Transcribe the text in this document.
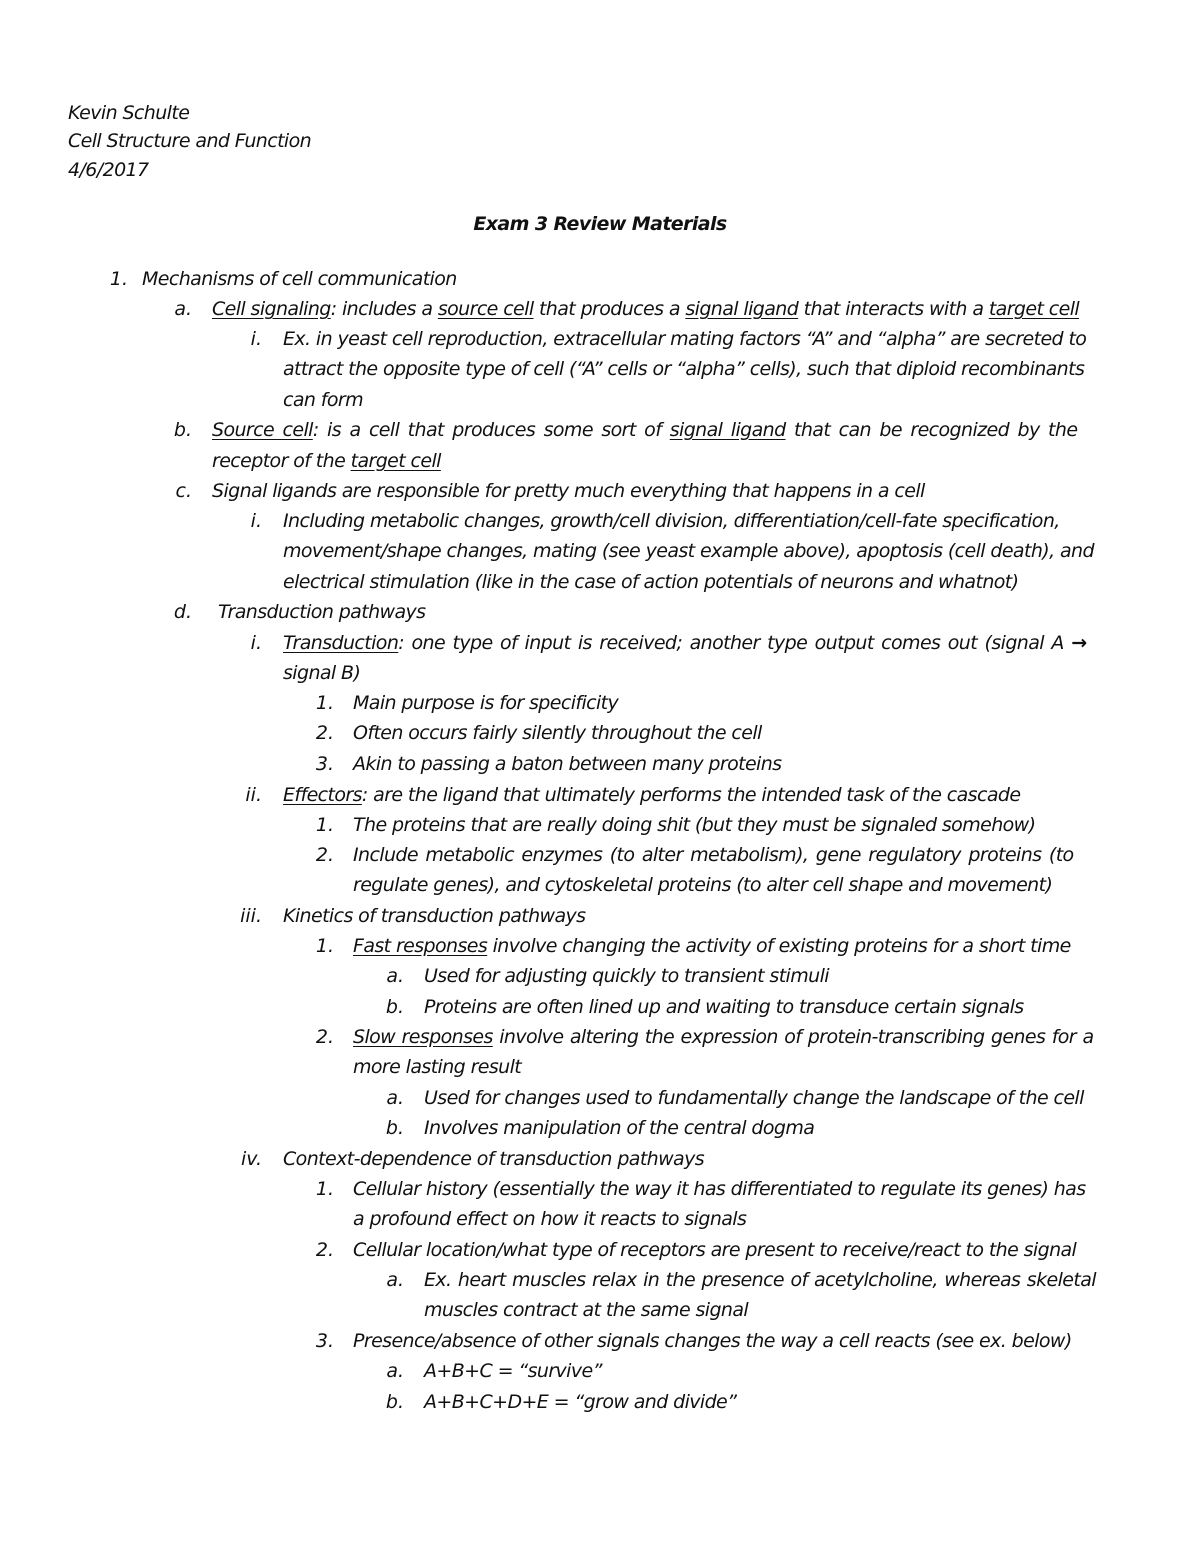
Kevin Schulte
Cell Structure and Function
4/6/2017
Exam 3 Review Materials
1. Mechanisms of cell communication
a. Cell signaling: includes a source cell that produces a signal ligand that interacts with a target cell
i. Ex. in yeast cell reproduction, extracellular mating factors “A” and “alpha” are secreted to
attract the opposite type of cell (“A” cells or “alpha” cells), such that diploid recombinants
can form
b. Source cell: is a cell that produces some sort of signal ligand that can be recognized by the
receptor of the target cell
c. Signal ligands are responsible for pretty much everything that happens in a cell
i. Including metabolic changes, growth/cell division, differentiation/cell-fate specification,
movement/shape changes, mating (see yeast example above), apoptosis (cell death), and
electrical stimulation (like in the case of action potentials of neurons and whatnot)
d. Transduction pathways
i. Transduction: one type of input is received; another type output comes out (signal A →
signal B)
1. Main purpose is for specificity
2. Often occurs fairly silently throughout the cell
3. Akin to passing a baton between many proteins
ii. Effectors: are the ligand that ultimately performs the intended task of the cascade
1. The proteins that are really doing shit (but they must be signaled somehow)
2. Include metabolic enzymes (to alter metabolism), gene regulatory proteins (to
regulate genes), and cytoskeletal proteins (to alter cell shape and movement)
iii. Kinetics of transduction pathways
1. Fast responses involve changing the activity of existing proteins for a short time
a. Used for adjusting quickly to transient stimuli
b. Proteins are often lined up and waiting to transduce certain signals
2. Slow responses involve altering the expression of protein-transcribing genes for a
more lasting result
a. Used for changes used to fundamentally change the landscape of the cell
b. Involves manipulation of the central dogma
iv. Context-dependence of transduction pathways
1. Cellular history (essentially the way it has differentiated to regulate its genes) has
a profound effect on how it reacts to signals
2. Cellular location/what type of receptors are present to receive/react to the signal
a. Ex. heart muscles relax in the presence of acetylcholine, whereas skeletal
muscles contract at the same signal
3. Presence/absence of other signals changes the way a cell reacts (see ex. below)
a. A+B+C = “survive”
b. A+B+C+D+E = “grow and divide”
